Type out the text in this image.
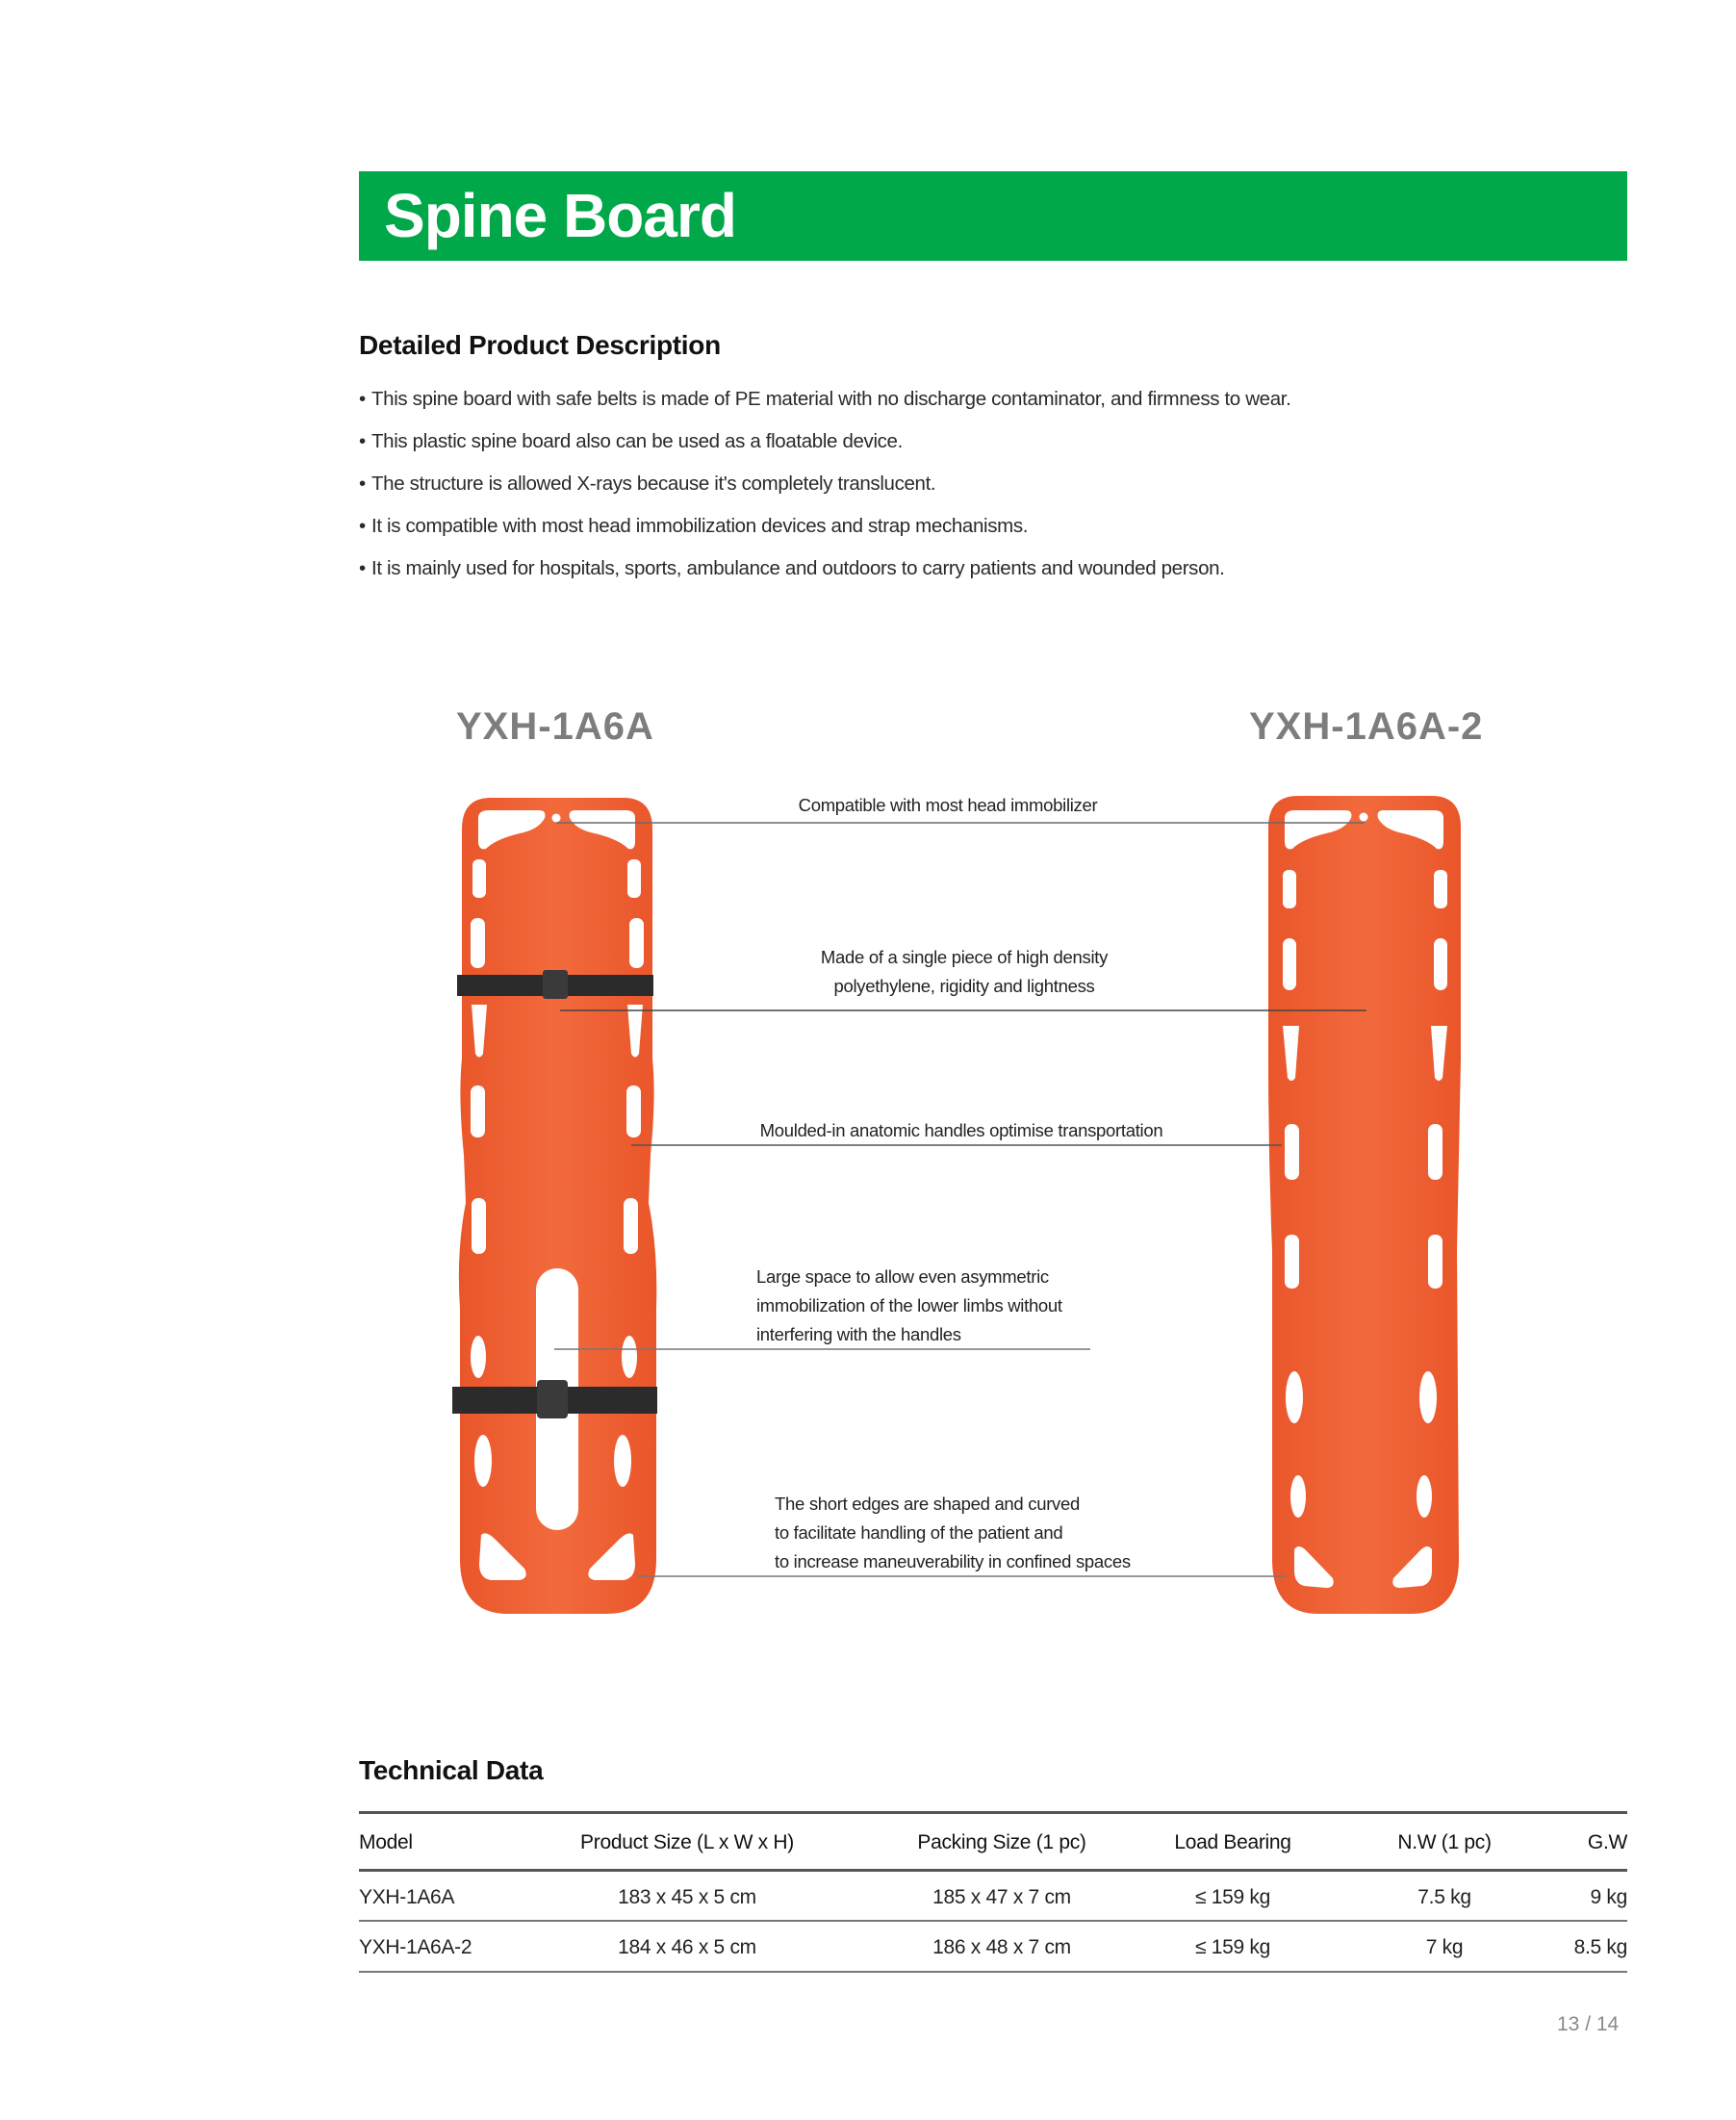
Spine Board
Detailed Product Description
• This spine board with safe belts is made of PE material with no discharge contaminator, and firmness to wear.
• This plastic spine board also can be used as a floatable device.
• The structure is allowed X-rays because it's completely translucent.
• It is compatible with most head immobilization devices and strap mechanisms.
• It is mainly used for hospitals, sports, ambulance and outdoors to carry patients and wounded person.
YXH-1A6A	YXH-1A6A-2
Compatible with most head immobilizer
Made of a single piece of high density
polyethylene, rigidity and lightness
Moulded-in anatomic handles optimise transportation
Large space to allow even asymmetric
immobilization of the lower limbs without
interfering with the handles
The short edges are shaped and curved
to facilitate handling of the patient and
to increase maneuverability in confined spaces
Technical Data
Model	Product Size (L x W x H)	Packing Size (1 pc)	Load Bearing	N.W (1 pc)	G.W
YXH-1A6A	183 x 45 x 5 cm	185 x 47 x 7 cm	≤ 159 kg	7.5 kg	9 kg
YXH-1A6A-2	184 x 46 x 5 cm	186 x 48 x 7 cm	≤ 159 kg	7 kg	8.5 kg
13 / 14
